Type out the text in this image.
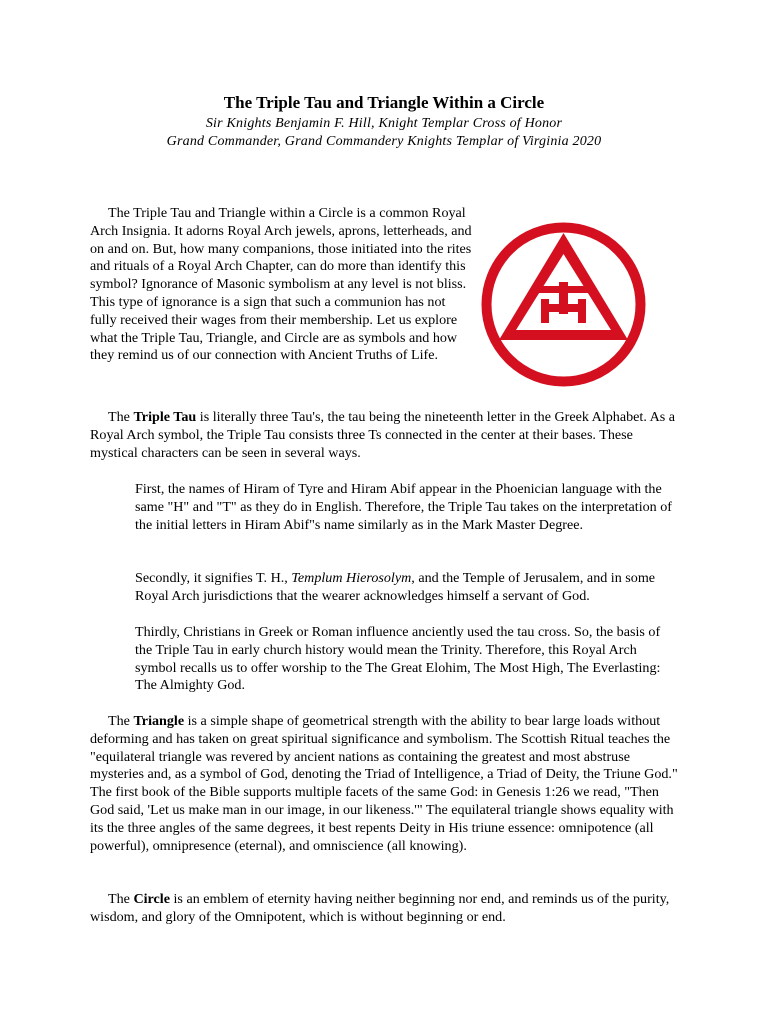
The Triple Tau and Triangle Within a Circle
Sir Knights Benjamin F. Hill, Knight Templar Cross of Honor
Grand Commander, Grand Commandery Knights Templar of Virginia 2020

The Triple Tau and Triangle within a Circle is a common Royal Arch Insignia. It adorns Royal Arch jewels, aprons, letterheads, and on and on. But, how many companions, those initiated into the rites and rituals of a Royal Arch Chapter, can do more than identify this symbol? Ignorance of Masonic symbolism at any level is not bliss. This type of ignorance is a sign that such a communion has not fully received their wages from their membership. Let us explore what the Triple Tau, Triangle, and Circle are as symbols and how they remind us of our connection with Ancient Truths of Life.

The Triple Tau is literally three Tau's, the tau being the nineteenth letter in the Greek Alphabet. As a Royal Arch symbol, the Triple Tau consists three Ts connected in the center at their bases. These mystical characters can be seen in several ways.

First, the names of Hiram of Tyre and Hiram Abif appear in the Phoenician language with the same "H" and "T" as they do in English. Therefore, the Triple Tau takes on the interpretation of the initial letters in Hiram Abif"s name similarly as in the Mark Master Degree.

Secondly, it signifies T. H., Templum Hierosolym, and the Temple of Jerusalem, and in some Royal Arch jurisdictions that the wearer acknowledges himself a servant of God.

Thirdly, Christians in Greek or Roman influence anciently used the tau cross. So, the basis of the Triple Tau in early church history would mean the Trinity. Therefore, this Royal Arch symbol recalls us to offer worship to the The Great Elohim, The Most High, The Everlasting: The Almighty God.

The Triangle is a simple shape of geometrical strength with the ability to bear large loads without deforming and has taken on great spiritual significance and symbolism. The Scottish Ritual teaches the "equilateral triangle was revered by ancient nations as containing the greatest and most abstruse mysteries and, as a symbol of God, denoting the Triad of Intelligence, a Triad of Deity, the Triune God." The first book of the Bible supports multiple facets of the same God: in Genesis 1:26 we read, "Then God said, 'Let us make man in our image, in our likeness.'" The equilateral triangle shows equality with its the three angles of the same degrees, it best repents Deity in His triune essence: omnipotence (all powerful), omnipresence (eternal), and omniscience (all knowing).

The Circle is an emblem of eternity having neither beginning nor end, and reminds us of the purity, wisdom, and glory of the Omnipotent, which is without beginning or end.
